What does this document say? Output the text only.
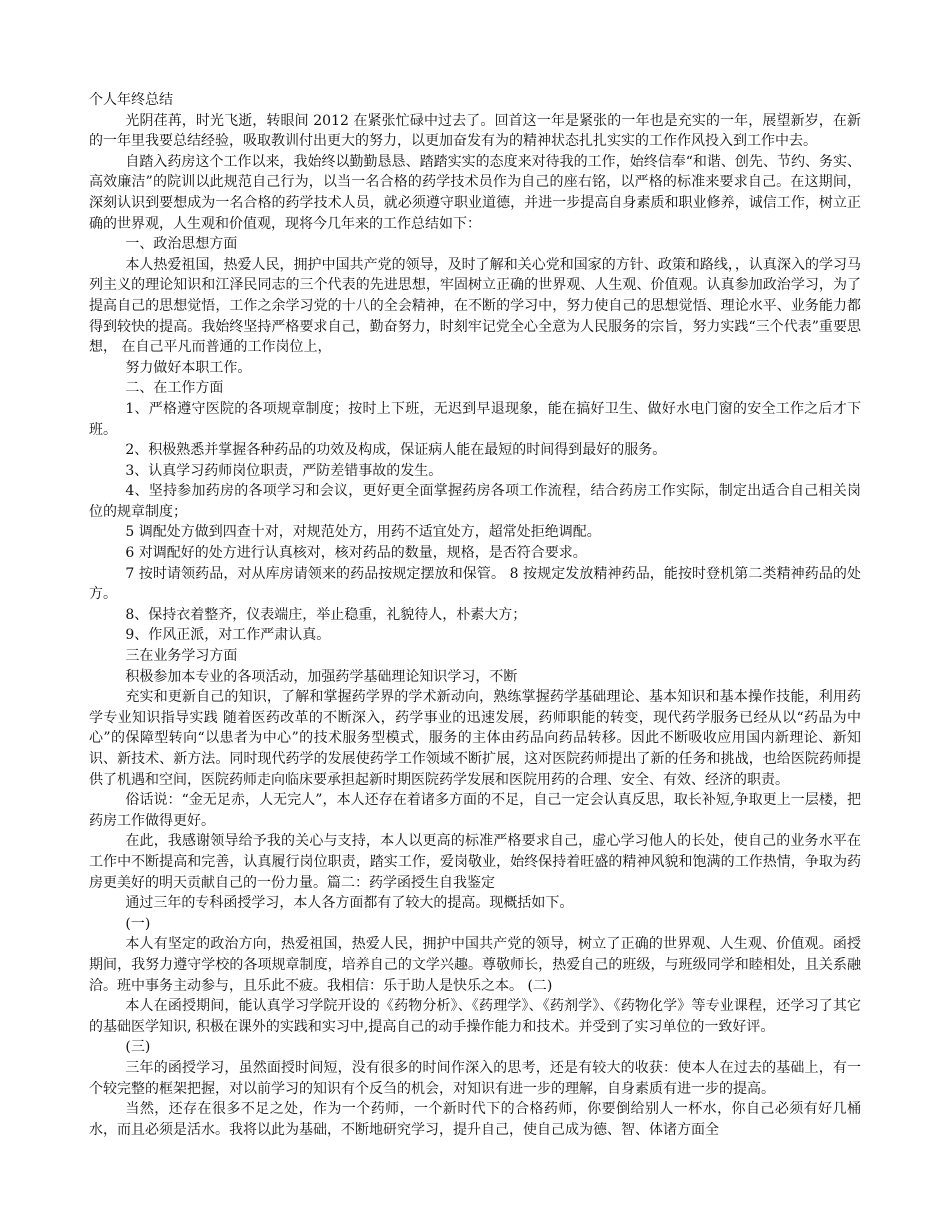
个人年终总结

光阴荏苒，时光飞逝，转眼间 2012 在紧张忙碌中过去了。回首这一年是紧张的一年也是充实的一年，展望新岁，在新的一年里我要总结经验，吸取教训付出更大的努力，以更加奋发有为的精神状态扎扎实实的工作作风投入到工作中去。

自踏入药房这个工作以来，我始终以勤勤恳恳、踏踏实实的态度来对待我的工作，始终信奉“和谐、创先、节约、务实、高效廉洁”的院训以此规范自己行为，以当一名合格的药学技术员作为自己的座右铭，以严格的标准来要求自己。在这期间，深刻认识到要想成为一名合格的药学技术人员，就必须遵守职业道德，并进一步提高自身素质和职业修养，诚信工作，树立正确的世界观，人生观和价值观，现将今几年来的工作总结如下：

一、政治思想方面

本人热爱祖国，热爱人民，拥护中国共产党的领导，及时了解和关心党和国家的方针、政策和路线，，认真深入的学习马列主义的理论知识和江泽民同志的三个代表的先进思想，牢固树立正确的世界观、人生观、价值观。认真参加政治学习，为了提高自己的思想觉悟，工作之余学习党的十八的全会精神，在不断的学习中，努力使自己的思想觉悟、理论水平、业务能力都得到较快的提高。我始终坚持严格要求自己，勤奋努力，时刻牢记党全心全意为人民服务的宗旨，努力实践“三个代表”重要思想， 在自己平凡而普通的工作岗位上，

努力做好本职工作。

二、在工作方面

1、严格遵守医院的各项规章制度；按时上下班，无迟到早退现象，能在搞好卫生、做好水电门窗的安全工作之后才下班。

2、积极熟悉并掌握各种药品的功效及构成，保证病人能在最短的时间得到最好的服务。

3、认真学习药师岗位职责，严防差错事故的发生。

4、坚持参加药房的各项学习和会议，更好更全面掌握药房各项工作流程，结合药房工作实际，制定出适合自己相关岗位的规章制度；

5 调配处方做到四查十对，对规范处方，用药不适宜处方，超常处拒绝调配。

6 对调配好的处方进行认真核对，核对药品的数量，规格，是否符合要求。

7 按时请领药品，对从库房请领来的药品按规定摆放和保管。 8 按规定发放精神药品，能按时登机第二类精神药品的处方。

8、保持衣着整齐，仪表端庄，举止稳重，礼貌待人，朴素大方；

9、作风正派，对工作严肃认真。

三在业务学习方面

积极参加本专业的各项活动，加强药学基础理论知识学习，不断

充实和更新自己的知识，了解和掌握药学界的学术新动向，熟练掌握药学基础理论、基本知识和基本操作技能，利用药学专业知识指导实践 随着医药改革的不断深入，药学事业的迅速发展，药师职能的转变，现代药学服务已经从以“药品为中心”的保障型转向“以患者为中心”的技术服务型模式，服务的主体由药品向药品转移。因此不断吸收应用国内新理论、新知识、新技术、新方法。同时现代药学的发展使药学工作领域不断扩展，这对医院药师提出了新的任务和挑战，也给医院药师提供了机遇和空间，医院药师走向临床要承担起新时期医院药学发展和医院用药的合理、安全、有效、经济的职责。

俗话说：“金无足赤，人无完人”，本人还存在着诸多方面的不足，自己一定会认真反思，取长补短,争取更上一层楼，把药房工作做得更好。

在此，我感谢领导给予我的关心与支持，本人以更高的标准严格要求自己，虚心学习他人的长处，使自己的业务水平在工作中不断提高和完善，认真履行岗位职责，踏实工作，爱岗敬业，始终保持着旺盛的精神风貌和饱满的工作热情，争取为药房更美好的明天贡献自己的一份力量。篇二：药学函授生自我鉴定

通过三年的专科函授学习，本人各方面都有了较大的提高。现概括如下。

(一)

本人有坚定的政治方向，热爱祖国，热爱人民，拥护中国共产党的领导，树立了正确的世界观、人生观、价值观。函授期间，我努力遵守学校的各项规章制度，培养自己的文学兴趣。尊敬师长，热爱自己的班级，与班级同学和睦相处，且关系融洽。班中事务主动参与，且乐此不疲。我相信：乐于助人是快乐之本。 (二)

本人在函授期间，能认真学习学院开设的《药物分析》、《药理学》、《药剂学》、《药物化学》等专业课程，还学习了其它的基础医学知识, 积极在课外的实践和实习中,提高自己的动手操作能力和技术。并受到了实习单位的一致好评。

(三)

三年的函授学习，虽然面授时间短，没有很多的时间作深入的思考，还是有较大的收获：使本人在过去的基础上，有一个较完整的框架把握，对以前学习的知识有个反刍的机会，对知识有进一步的理解，自身素质有进一步的提高。

当然，还存在很多不足之处，作为一个药师，一个新时代下的合格药师，你要倒给别人一杯水，你自己必须有好几桶水，而且必须是活水。我将以此为基础，不断地研究学习，提升自己，使自己成为德、智、体诸方面全
